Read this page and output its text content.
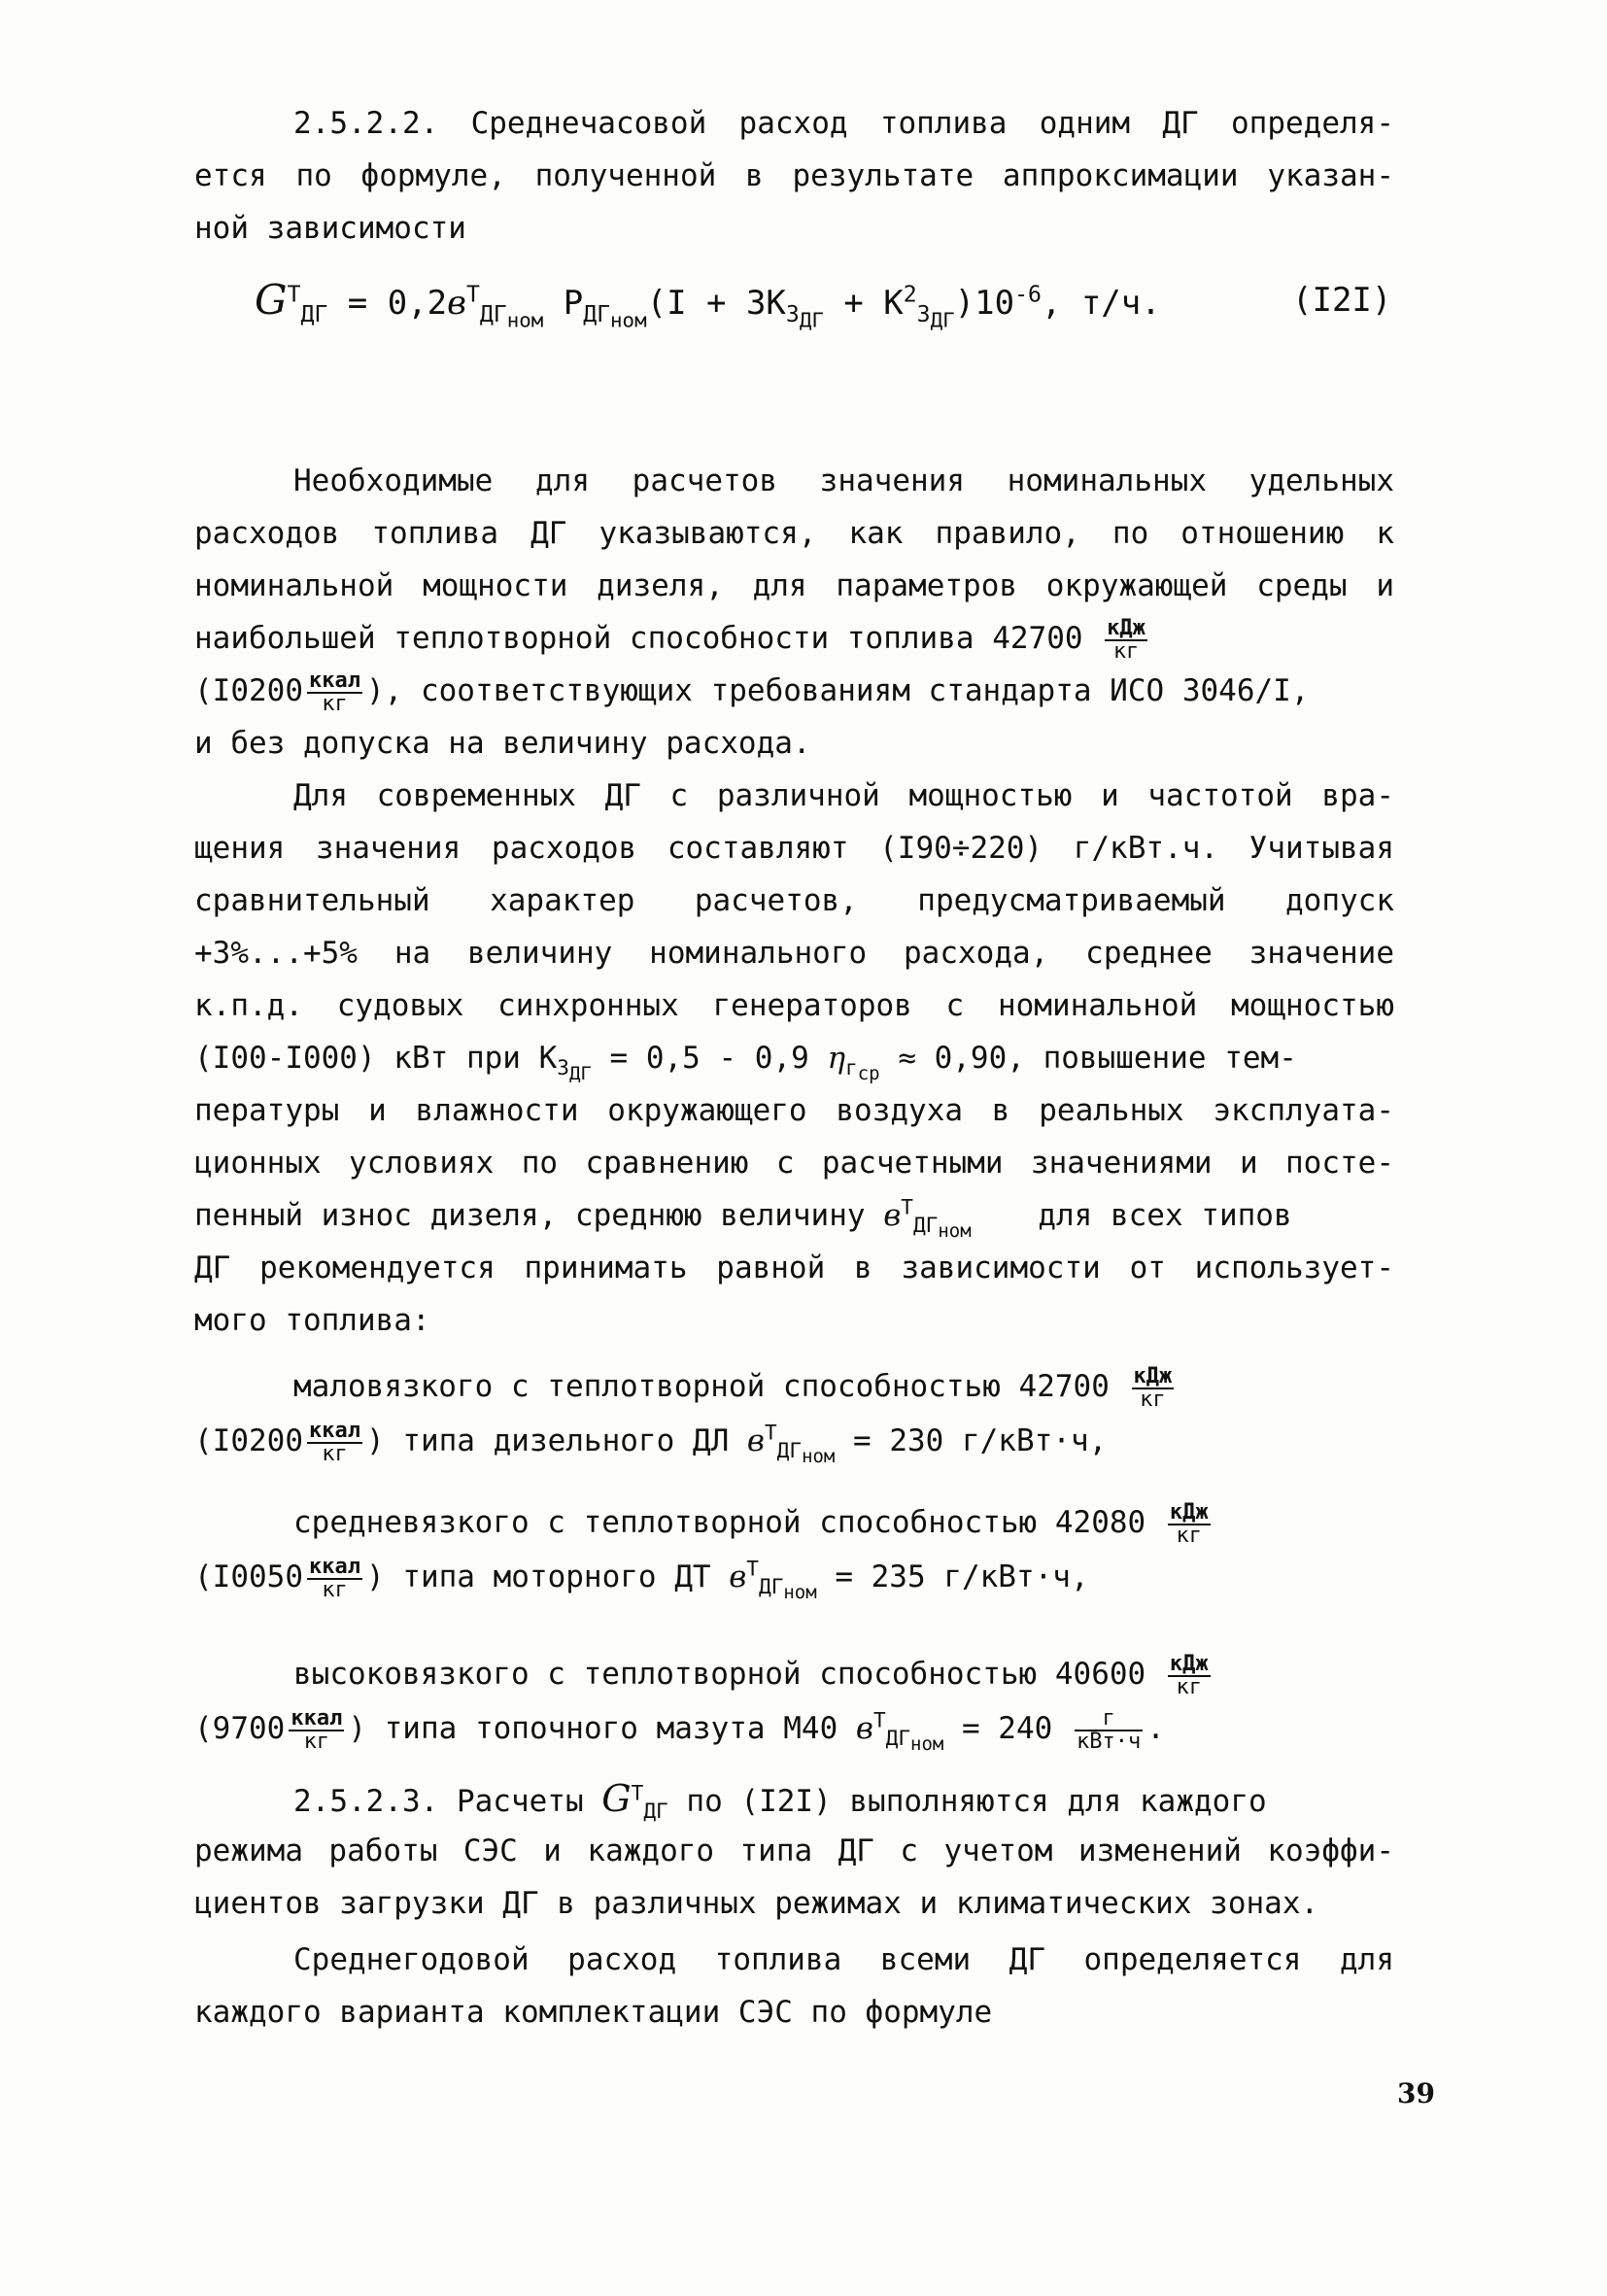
2.5.2.2. Среднечасовой расход топлива одним ДГ определя-
ется по формуле, полученной в результате аппроксимации указан-
ной зависимости
$G^Т_{ДГ} = 0,2в^Т_{ДГ_{ном}}$ $Р_{ДГ_{ном}}(I + 3К_{З_{ДГ}} + К^2_{З_{ДГ}})10^{-6}$, т/ч.	(I2I)
Необходимые для расчетов значения номинальных удельных
расходов топлива ДГ указываются, как правило, по отношению к
номинальной мощности дизеля, для параметров окружающей среды и
наибольшей теплотворной способности топлива $42700 \frac{\text{кДж}}{кг}$
($I0200 \frac{\text{ккал}}{кг}$ ), соответствующих требованиям стандарта ИСО 3046/I,
и без допуска на величину расхода.
Для современных ДГ с различной мощностью и частотой вра-
щения значения расходов составляют (I90÷220) г/кВт.ч. Учитывая
сравнительный характер расчетов, предусматриваемый допуск
+3%...+5% на величину номинального расхода, среднее значение
к.п.д. судовых синхронных генераторов с номинальной мощностью
(I00-I000) кВт при $К_{З_{ДГ}} = 0,5 - 0,9$ $\eta_{г_{ср}} \approx 0,90$, повышение тем-
пературы и влажности окружающего воздуха в реальных эксплуата-
ционных условиях по сравнению с расчетными значениями и посте-
пенный износ дизеля, среднюю величину $в^Т_{ДГ_{ном}}$ для всех типов
ДГ рекомендуется принимать равной в зависимости от использует-
мого топлива:
маловязкого с теплотворной способностью $42700 \frac{\text{кДж}}{кг}$
($I0200 \frac{\text{ккал}}{кг}$ ) типа дизельного ДЛ $в^Т_{ДГ_{ном}} = 230$ г/кВт·ч,
средневязкого с теплотворной способностью $42080 \frac{\text{кДж}}{кг}$
($I0050 \frac{\text{ккал}}{кг}$ ) типа моторного ДТ $в^Т_{ДГ_{ном}} = 235$ г/кВт·ч,
высоковязкого с теплотворной способностью $40600 \frac{\text{кДж}}{кг}$
($9700 \frac{\text{ккал}}{кг}$ ) типа топочного мазута М40 $в^Т_{ДГ_{ном}} = 240 \frac{г}{\text{кВт·ч}}$ .
2.5.2.3. Расчеты $G^Т_{ДГ}$ по (I2I) выполняются для каждого
режима работы СЭС и каждого типа ДГ с учетом изменений коэффи-
циентов загрузки ДГ в различных режимах и климатических зонах.
Среднегодовой расход топлива всеми ДГ определяется для
каждого варианта комплектации СЭС по формуле
39
